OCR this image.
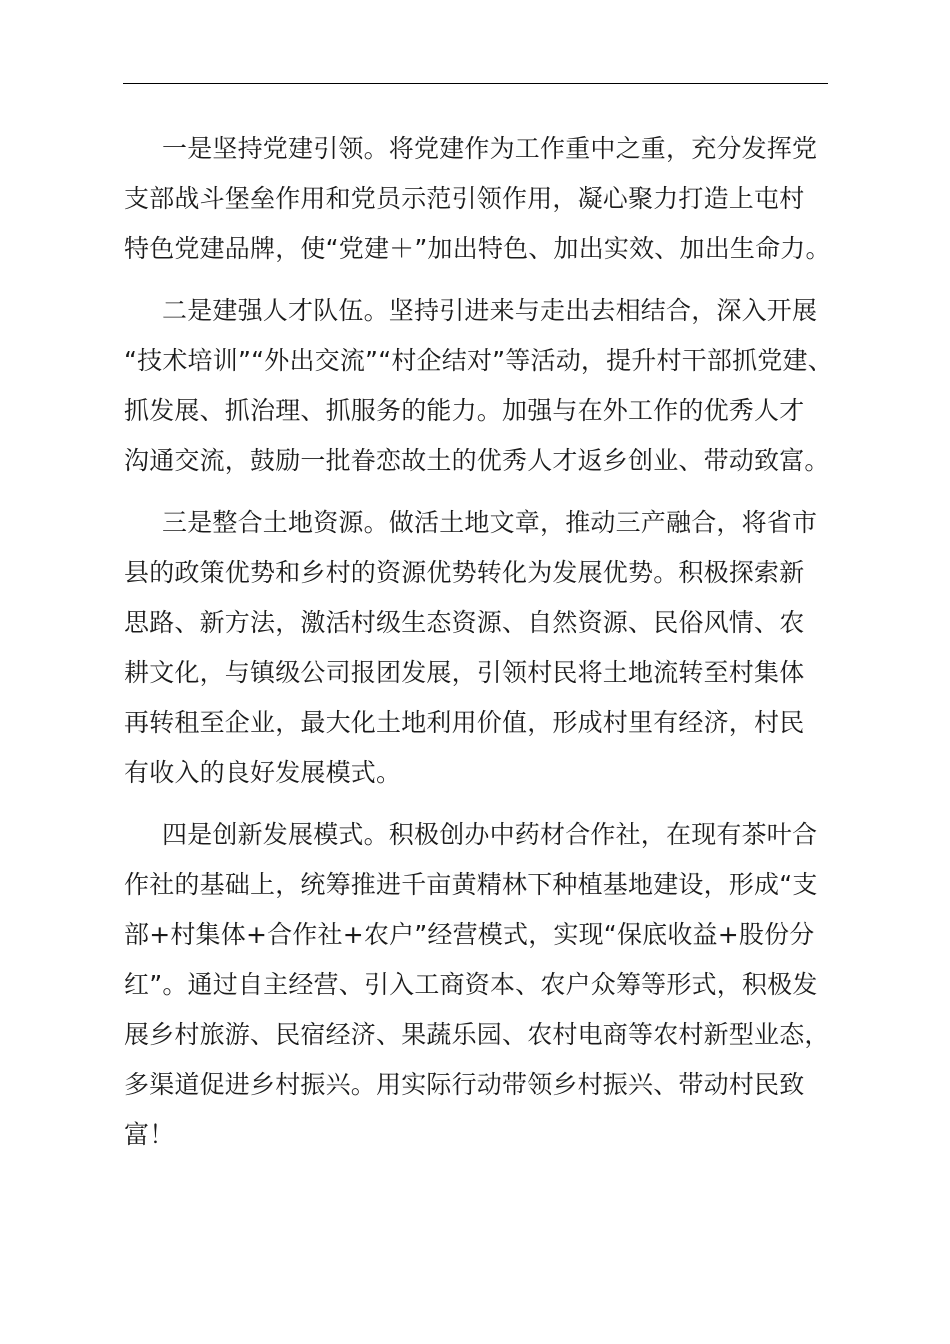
一是坚持党建引领。将党建作为工作重中之重，充分发挥党
支部战斗堡垒作用和党员示范引领作用，凝心聚力打造上屯村
特色党建品牌，使“党建＋”加出特色、加出实效、加出生命力。

二是建强人才队伍。坚持引进来与走出去相结合，深入开展
“技术培训”“外出交流”“村企结对”等活动，提升村干部抓党建、
抓发展、抓治理、抓服务的能力。加强与在外工作的优秀人才
沟通交流，鼓励一批眷恋故土的优秀人才返乡创业、带动致富。

三是整合土地资源。做活土地文章，推动三产融合，将省市
县的政策优势和乡村的资源优势转化为发展优势。积极探索新
思路、新方法，激活村级生态资源、自然资源、民俗风情、农
耕文化，与镇级公司报团发展，引领村民将土地流转至村集体
再转租至企业，最大化土地利用价值，形成村里有经济，村民
有收入的良好发展模式。

四是创新发展模式。积极创办中药材合作社，在现有茶叶合
作社的基础上，统筹推进千亩黄精林下种植基地建设，形成“支
部+村集体+合作社+农户”经营模式，实现“保底收益+股份分
红”。通过自主经营、引入工商资本、农户众筹等形式，积极发
展乡村旅游、民宿经济、果蔬乐园、农村电商等农村新型业态，
多渠道促进乡村振兴。用实际行动带领乡村振兴、带动村民致
富！
